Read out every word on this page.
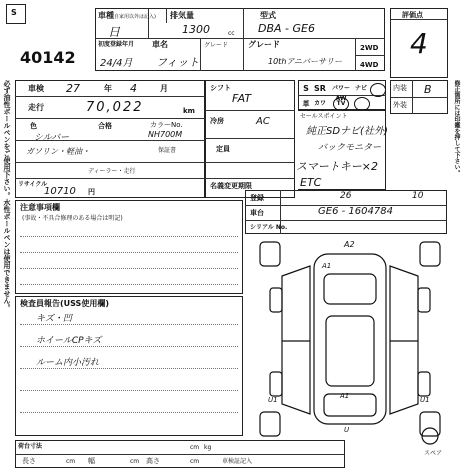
S
40142
車種
(自家用以外は記入)
日
排気量
1300	cc
型式
DBA - GE6
初度登録年月
24/4月
車名
フィット
グレード グレード
10thアニバーサリー
2WD
4WD
評価点
4
内装 B
外装
車検 27	年 4	月
走行	70,022	km
色
シルバー
合格	カラーNo.
NH700M
ガソリン・軽油・	保証書
ディーラー・走行
リサイクル
10710 円
シフト
FAT
冷房	AC
定員
名義変更期限
S SR	パワーAW
ナビ
革 カワ	TV
セールスポイント
純正SDナビ(社外)
バックモニター
スマートキー×2
ETC
登録	26	10
車台	GE6 - 1604784
シリアル No.
注意事項欄
(事故・不具合修理のある場合は明記)
検査員報告(USS使用欄)
キズ・凹
ホイールCPキズ
ルーム内小汚れ
A2
A1
U1	U1
A1
U
スペア
必ず油性ボールペンをご使用下さい。水性ボールペンは使用できません。	修正箇所には印鑑を押して下さい。
荷台寸法
長さ	cm 幅	cm 高さ	cm	車検証記入
kg
cm
